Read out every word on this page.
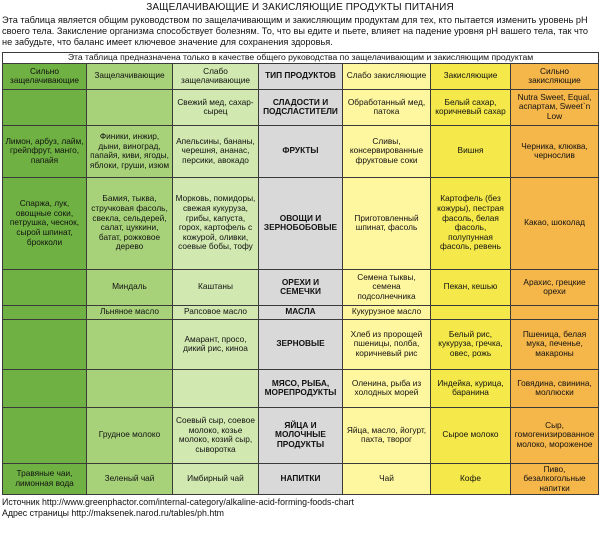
ЗАЩЕЛАЧИВАЮЩИЕ И ЗАКИСЛЯЮЩИЕ ПРОДУКТЫ ПИТАНИЯ
Эта таблица является общим руководством по защелачивающим и закисляющим продуктам для тех, кто пытается изменить уровень рН своего тела. Закисление организма способствует болезням. То, что вы едите и пьете, влияет на падение уровня рН вашего тела, так что не забудьте, что баланс имеет ключевое значение для сохранения здоровья.
Эта таблица предназначена только в качестве общего руководства по защелачивающим и закисляющим продуктам						
Сильно защелачивающие	Защелачивающие	Слабо защелачивающие	ТИП ПРОДУКТОВ	Слабо закисляющие	Закисляющие	Сильно закисляющие
		Свежий мед, сахар-сырец	СЛАДОСТИ И ПОДСЛАСТИТЕЛИ	Обработанный мед, патока	Белый сахар, коричневый сахар	Nutra Sweet, Equal, аспартам, Sweet`n Low
Лимон, арбуз, лайм, грейпфрут, манго, папайя	Финики, инжир, дыни, виноград, папайя, киви, ягоды, яблоки, груши, изюм	Апельсины, бананы, черешня, ананас, персики, авокадо	ФРУКТЫ	Сливы, консервированные фруктовые соки	Вишня	Черника, клюква, чернослив
Спаржа, лук, овощные соки, петрушка, чеснок, сырой шпинат, брокколи	Бамия, тыква, стручковая фасоль, свекла, сельдерей, салат, цуккини, батат, рожковое дерево	Морковь, помидоры, свежая кукуруза, грибы, капуста, горох, картофель с кожурой, оливки, соевые бобы, тофу	ОВОЩИ И ЗЕРНОБОБОВЫЕ	Приготовленный шпинат, фасоль	Картофель (без кожуры), пестрая фасоль, белая фасоль, полупунная фасоль, ревень	Какао, шоколад
	Миндаль	Каштаны	ОРЕХИ И СЕМЕЧКИ	Семена тыквы, семена подсолнечника	Пекан, кешью	Арахис, грецкие орехи
	Льняное масло	Рапсовое масло	МАСЛА	Кукурузное масло		
		Амарант, просо, дикий рис, киноа	ЗЕРНОВЫЕ	Хлеб из пророщей пшеницы, полба, коричневый рис	Белый рис, кукуруза, гречка, овес, рожь	Пшеница, белая мука, печенье, макароны
			МЯСО, РЫБА, МОРЕПРОДУКТЫ	Оленина, рыба из холодных морей	Индейка, курица, баранина	Говядина, свинина, моллюски
	Грудное молоко	Соевый сыр, соевое молоко, козье молоко, козий сыр, сыворотка	ЯЙЦА И МОЛОЧНЫЕ ПРОДУКТЫ	Яйца, масло, йогурт, пахта, творог	Сырое молоко	Сыр, гомогенизированное молоко, мороженое
Травяные чаи, лимонная вода	Зеленый чай	Имбирный чай	НАПИТКИ	Чай	Кофе	Пиво, безалкогольные напитки
Источник http://www.greenphactor.com/internal-category/alkaline-acid-forming-foods-chart
Адрес страницы http://maksenek.narod.ru/tables/ph.htm
